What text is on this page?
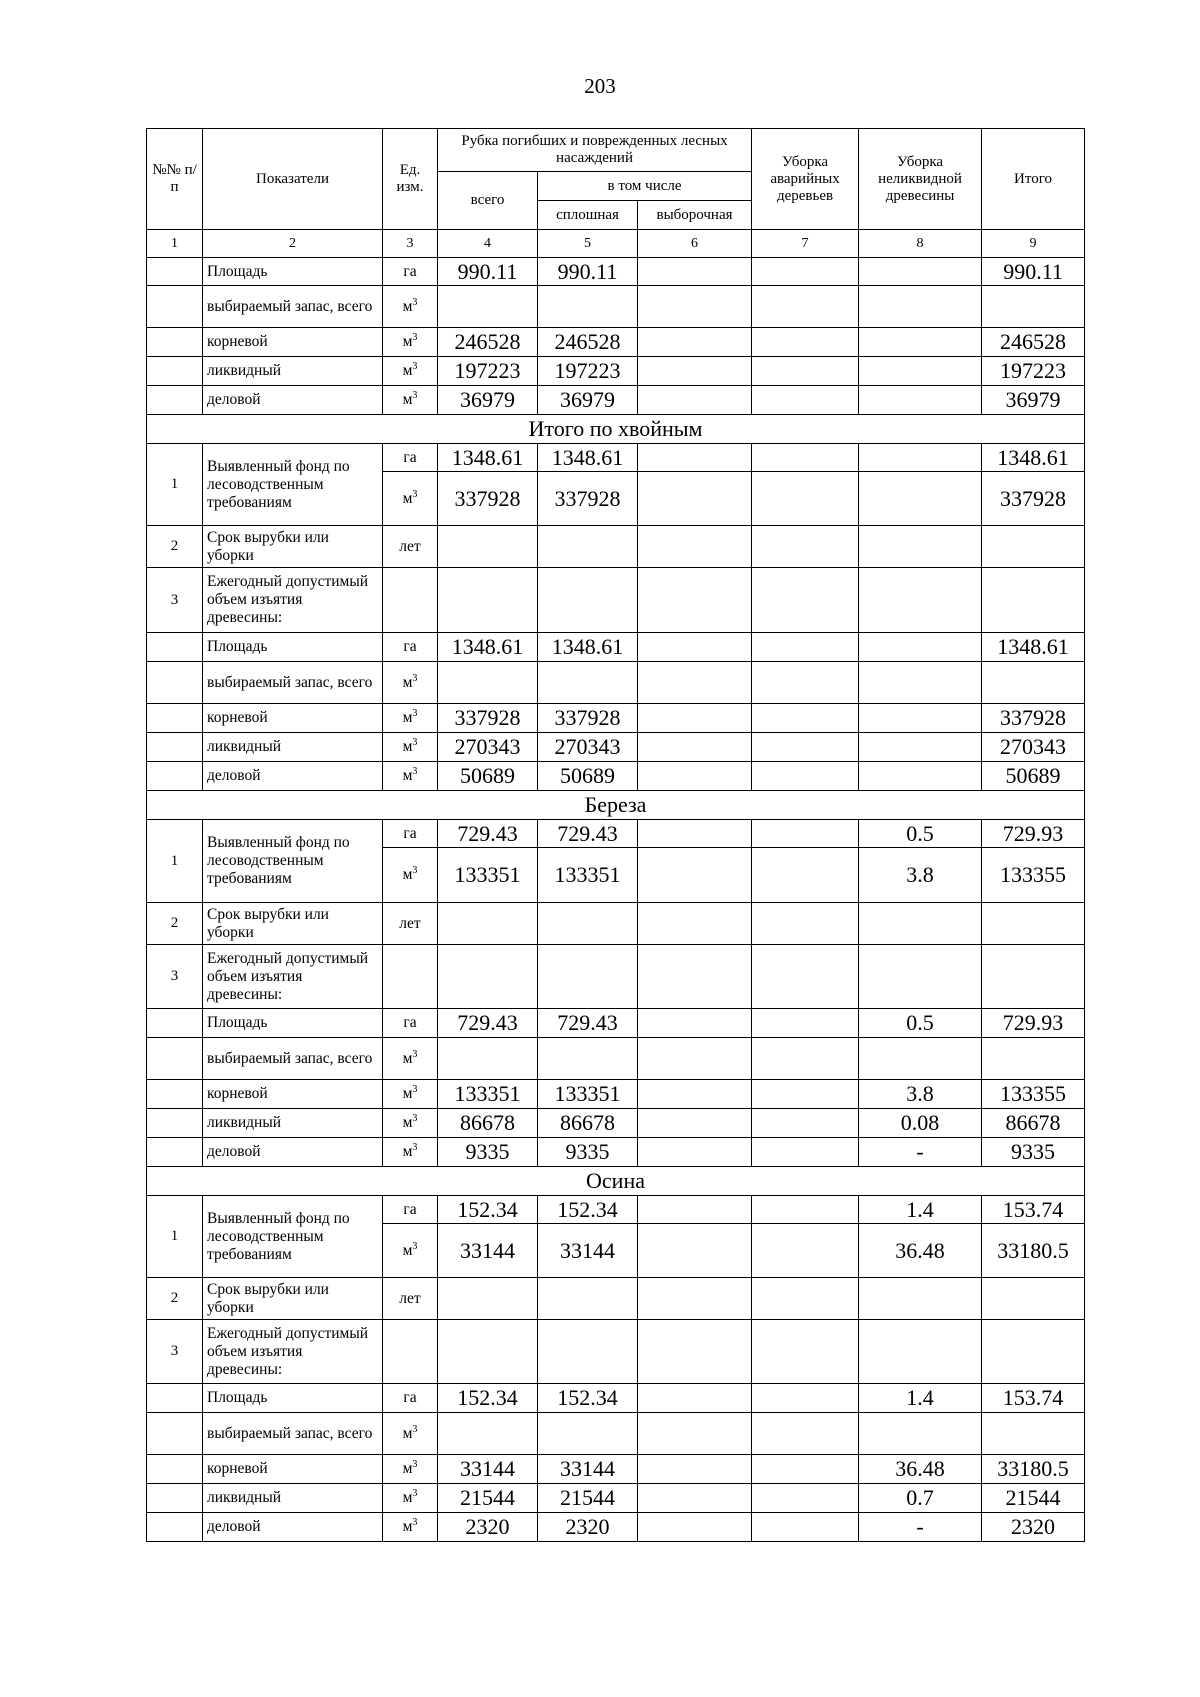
203
№№ п/п	Показатели	Ед. изм.	Рубка погибших и поврежденных лесных насаждений			Уборка аварийных деревьев	Уборка неликвидной древесины	Итого
			всего	в том числе				
				сплошная	выборочная			
1	2	3	4	5	6	7	8	9
	Площадь	га	990.11	990.11				990.11
	выбираемый запас, всего	$м^3$						
	корневой	$м^3$	246528	246528				246528
	ликвидный	$м^3$	197223	197223				197223
	деловой	$м^3$	36979	36979				36979
Итого по хвойным								
1	Выявленный фонд по лесоводственным требованиям	га	1348.61	1348.61				1348.61
		$м^3$	337928	337928				337928
2	Срок вырубки или уборки	лет						
3	Ежегодный допустимый объем изъятия древесины:							
	Площадь	га	1348.61	1348.61				1348.61
	выбираемый запас, всего	$м^3$						
	корневой	$м^3$	337928	337928				337928
	ликвидный	$м^3$	270343	270343				270343
	деловой	$м^3$	50689	50689				50689
Береза								
1	Выявленный фонд по лесоводственным требованиям	га	729.43	729.43			0.5	729.93
		$м^3$	133351	133351			3.8	133355
2	Срок вырубки или уборки	лет						
3	Ежегодный допустимый объем изъятия древесины:							
	Площадь	га	729.43	729.43			0.5	729.93
	выбираемый запас, всего	$м^3$						
	корневой	$м^3$	133351	133351			3.8	133355
	ликвидный	$м^3$	86678	86678			0.08	86678
	деловой	$м^3$	9335	9335			-	9335
Осина								
1	Выявленный фонд по лесоводственным требованиям	га	152.34	152.34			1.4	153.74
		$м^3$	33144	33144			36.48	33180.5
2	Срок вырубки или уборки	лет						
3	Ежегодный допустимый объем изъятия древесины:							
	Площадь	га	152.34	152.34			1.4	153.74
	выбираемый запас, всего	$м^3$						
	корневой	$м^3$	33144	33144			36.48	33180.5
	ликвидный	$м^3$	21544	21544			0.7	21544
	деловой	$м^3$	2320	2320			-	2320
